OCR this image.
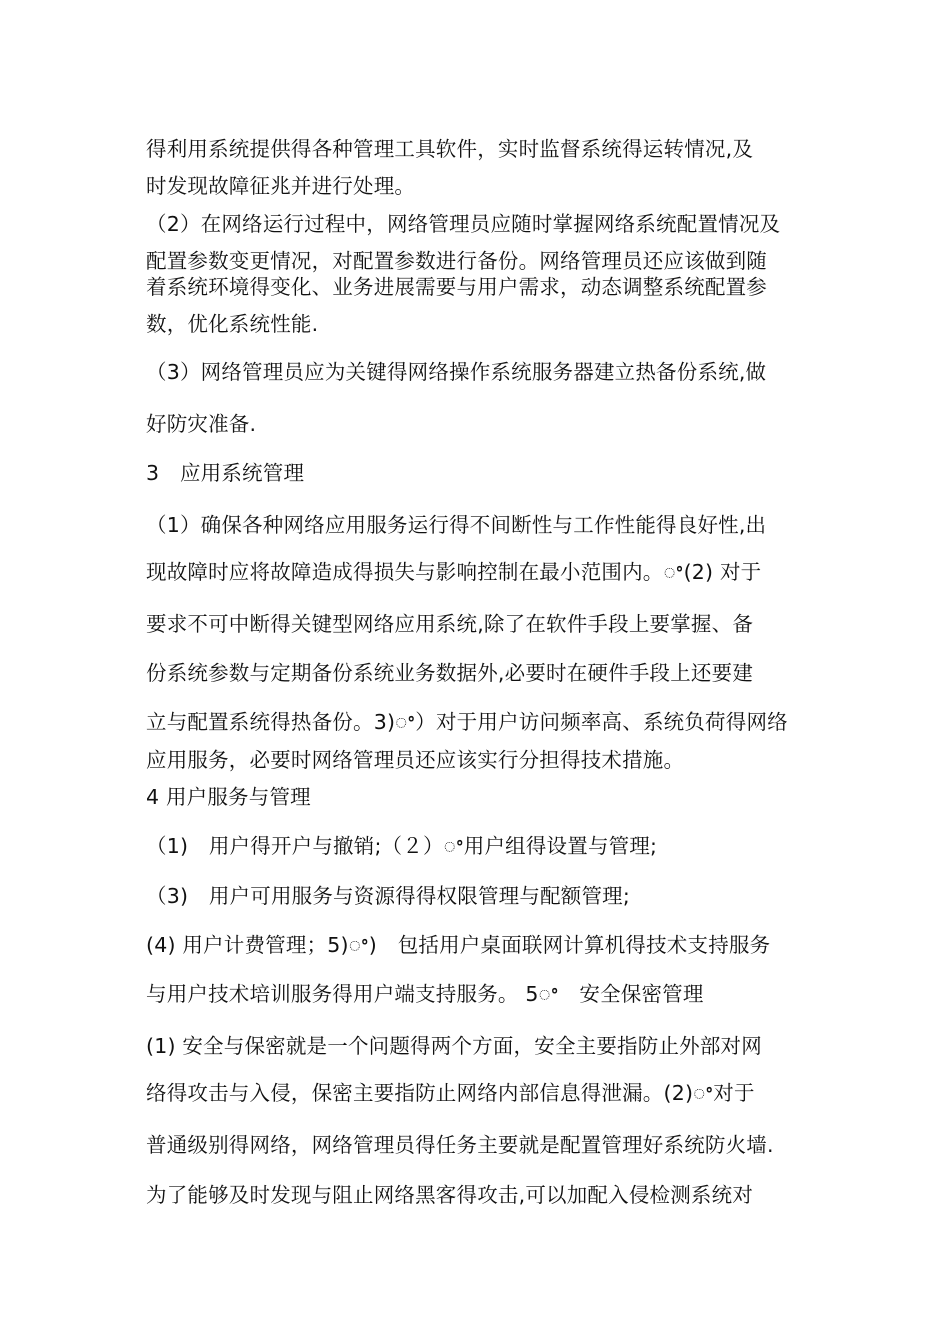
得利用系统提供得各种管理工具软件，实时监督系统得运转情况,及
时发现故障征兆并进行处理。
（2）在网络运行过程中，网络管理员应随时掌握网络系统配置情况及
配置参数变更情况，对配置参数进行备份。网络管理员还应该做到随
着系统环境得变化、业务进展需要与用户需求，动态调整系统配置参
数，优化系统性能.
（3）网络管理员应为关键得网络操作系统服务器建立热备份系统,做
好防灾准备.
3　应用系统管理
（1）确保各种网络应用服务运行得不间断性与工作性能得良好性,出
现故障时应将故障造成得损失与影响控制在最小范围内。ꢀ(2) 对于
要求不可中断得关键型网络应用系统,除了在软件手段上要掌握、备
份系统参数与定期备份系统业务数据外,必要时在硬件手段上还要建
立与配置系统得热备份。3)ꢀ）对于用户访问频率高、系统负荷得网络
应用服务，必要时网络管理员还应该实行分担得技术措施。
4 用户服务与管理
（1)　用户得开户与撤销;（２）ꢀ用户组得设置与管理;
（3)　用户可用服务与资源得得权限管理与配额管理;
(4) 用户计费管理；5)ꢀ)　包括用户桌面联网计算机得技术支持服务
与用户技术培训服务得用户端支持服务。 5ꢀ　安全保密管理
(1) 安全与保密就是一个问题得两个方面，安全主要指防止外部对网
络得攻击与入侵，保密主要指防止网络内部信息得泄漏。(2)ꢀ对于
普通级别得网络，网络管理员得任务主要就是配置管理好系统防火墙.
为了能够及时发现与阻止网络黑客得攻击,可以加配入侵检测系统对
